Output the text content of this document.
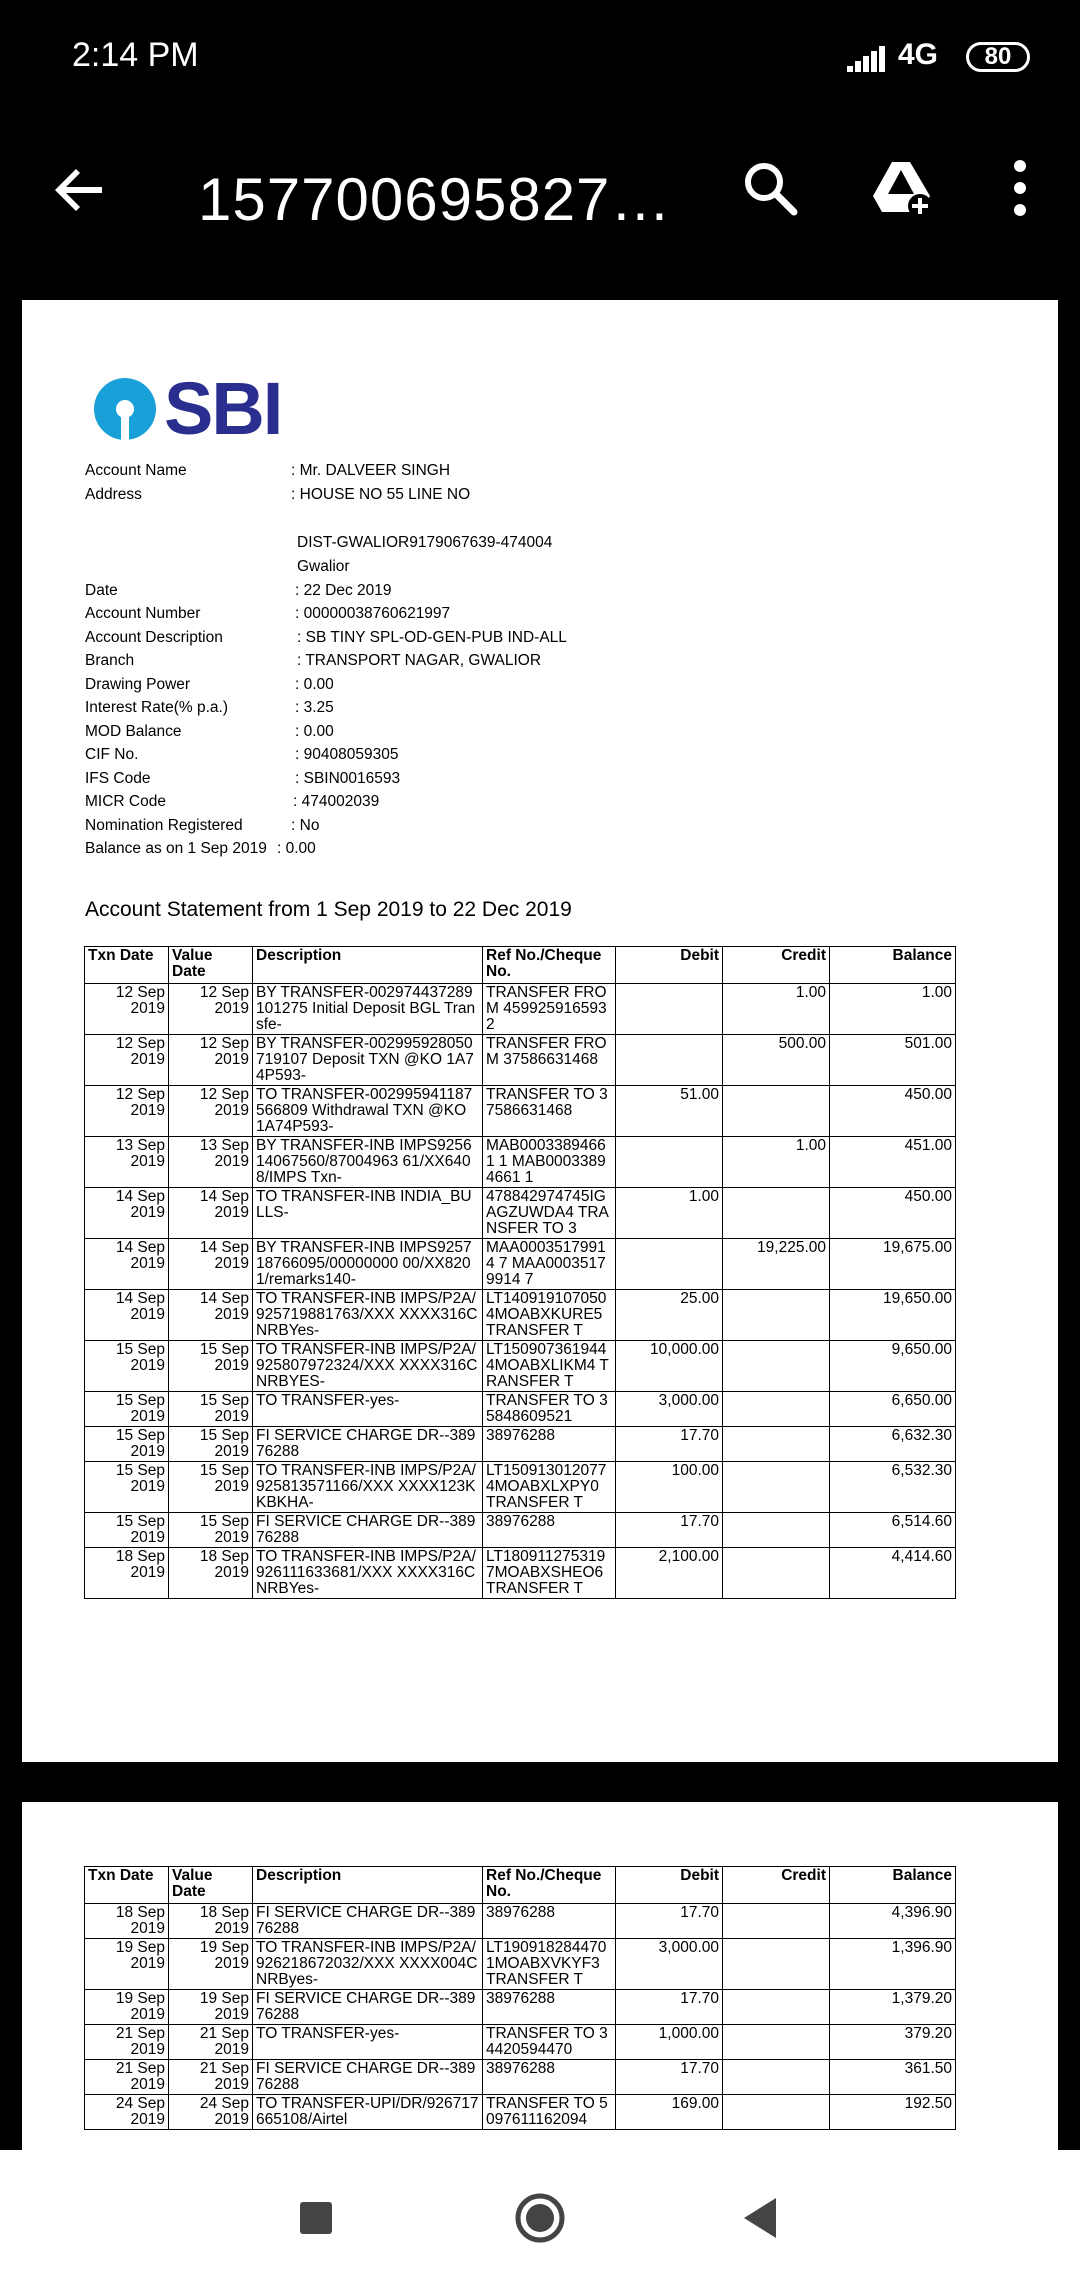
2:14 PM	4G	80
157700695827…
SBI
Account Name	: Mr. DALVEER SINGH
Address	: HOUSE NO 55 LINE NO
DIST-GWALIOR9179067639-474004
Gwalior
Date	: 22 Dec 2019
Account Number	: 00000038760621997
Account Description	: SB TINY SPL-OD-GEN-PUB IND-ALL
Branch	: TRANSPORT NAGAR, GWALIOR
Drawing Power	: 0.00
Interest Rate(% p.a.)	: 3.25
MOD Balance	: 0.00
CIF No.	: 90408059305
IFS Code	: SBIN0016593
MICR Code	: 474002039
Nomination Registered	: No
Balance as on 1 Sep 2019 : 0.00
Account Statement from 1 Sep 2019 to 22 Dec 2019
Txn Date	Value Date	Description	Ref No./Cheque No.	Debit	Credit	Balance
12 Sep 2019	12 Sep 2019	BY TRANSFER-002974437289101275 Initial Deposit BGL Transfe-	TRANSFER FROM 4599259165932		1.00	1.00
12 Sep 2019	12 Sep 2019	BY TRANSFER-002995928050719107 Deposit TXN @KO 1A74P593-	TRANSFER FROM 37586631468		500.00	501.00
12 Sep 2019	12 Sep 2019	TO TRANSFER-002995941187566809 Withdrawal TXN @KO 1A74P593-	TRANSFER TO 37586631468	51.00		450.00
13 Sep 2019	13 Sep 2019	BY TRANSFER-INB IMPS925614067560/87004963 61/XX6408/IMPS Txn-	MAB00033894661 1 MAB00033894661 1		1.00	451.00
14 Sep 2019	14 Sep 2019	TO TRANSFER-INB INDIA_BULLS-	478842974745IG AGZUWDA4 TRANSFER TO 3	1.00		450.00
14 Sep 2019	14 Sep 2019	BY TRANSFER-INB IMPS925718766095/00000000 00/XX8201/remarks140-	MAA00035179914 7 MAA00035179914 7		19,225.00	19,675.00
14 Sep 2019	14 Sep 2019	TO TRANSFER-INB IMPS/P2A/925719881763/XXX XXXX316CNRBYes-	LT140919107050 4MOABXKURE5 TRANSFER T	25.00		19,650.00
15 Sep 2019	15 Sep 2019	TO TRANSFER-INB IMPS/P2A/925807972324/XXX XXXX316CNRBYES-	LT150907361944 4MOABXLIKM4 TRANSFER T	10,000.00		9,650.00
15 Sep 2019	15 Sep 2019	TO TRANSFER-yes-	TRANSFER TO 35848609521	3,000.00		6,650.00
15 Sep 2019	15 Sep 2019	FI SERVICE CHARGE DR--38976288	38976288	17.70		6,632.30
15 Sep 2019	15 Sep 2019	TO TRANSFER-INB IMPS/P2A/925813571166/XXX XXXX123KKBKHA-	LT150913012077 4MOABXLXPY0 TRANSFER T	100.00		6,532.30
15 Sep 2019	15 Sep 2019	FI SERVICE CHARGE DR--38976288	38976288	17.70		6,514.60
18 Sep 2019	18 Sep 2019	TO TRANSFER-INB IMPS/P2A/926111633681/XXX XXXX316CNRBYes-	LT180911275319 7MOABXSHEO6 TRANSFER T	2,100.00		4,414.60
Txn Date	Value Date	Description	Ref No./Cheque No.	Debit	Credit	Balance
18 Sep 2019	18 Sep 2019	FI SERVICE CHARGE DR--38976288	38976288	17.70		4,396.90
19 Sep 2019	19 Sep 2019	TO TRANSFER-INB IMPS/P2A/926218672032/XXX XXXX004CNRByes-	LT190918284470 1MOABXVKYF3 TRANSFER T	3,000.00		1,396.90
19 Sep 2019	19 Sep 2019	FI SERVICE CHARGE DR--38976288	38976288	17.70		1,379.20
21 Sep 2019	21 Sep 2019	TO TRANSFER-yes-	TRANSFER TO 34420594470	1,000.00		379.20
21 Sep 2019	21 Sep 2019	FI SERVICE CHARGE DR--38976288	38976288	17.70		361.50
24 Sep 2019	24 Sep 2019	TO TRANSFER-UPI/DR/926717665108/Airtel	TRANSFER TO 5097611162094	169.00		192.50
